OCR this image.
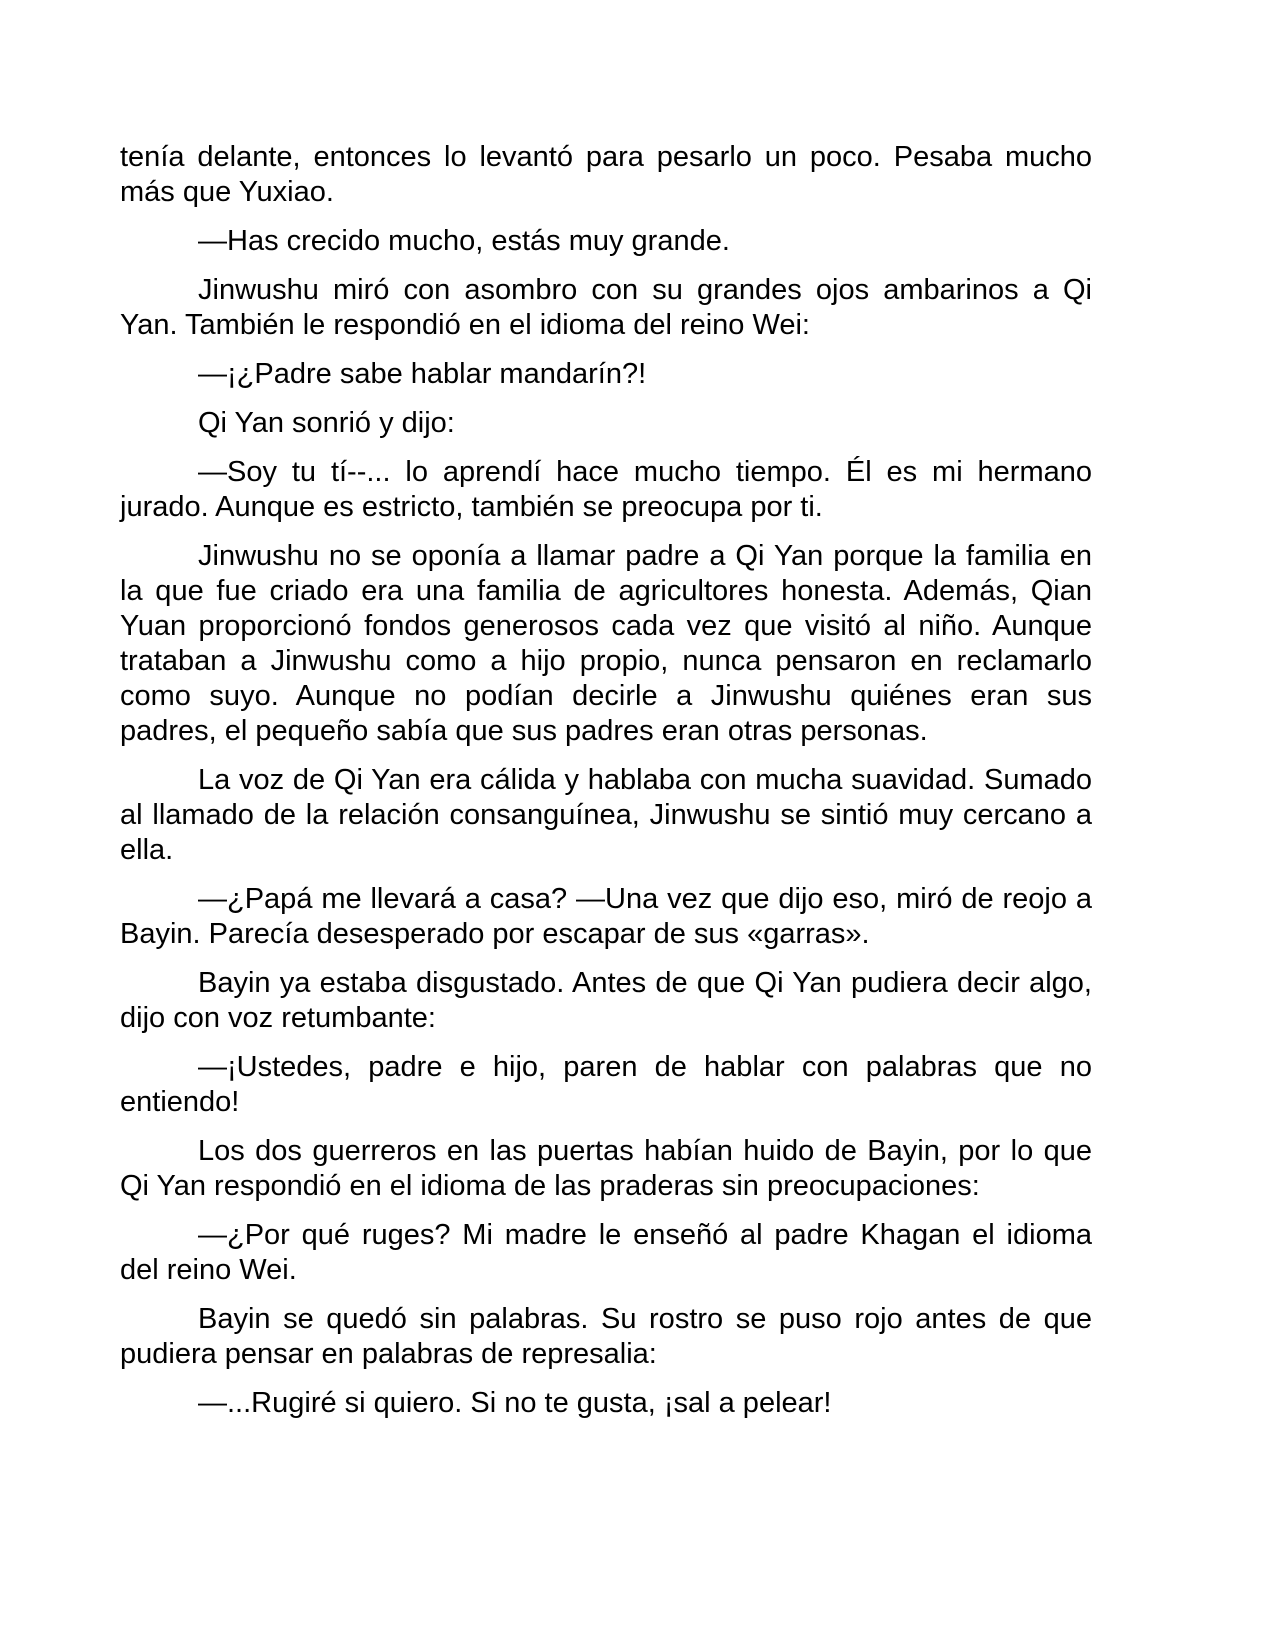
tenía delante, entonces lo levantó para pesarlo un poco. Pesaba mucho más que Yuxiao.

—Has crecido mucho, estás muy grande.

Jinwushu miró con asombro con su grandes ojos ambarinos a Qi Yan. También le respondió en el idioma del reino Wei:

—¡¿Padre sabe hablar mandarín?!

Qi Yan sonrió y dijo:

—Soy tu tí--... lo aprendí hace mucho tiempo. Él es mi hermano jurado. Aunque es estricto, también se preocupa por ti.

Jinwushu no se oponía a llamar padre a Qi Yan porque la familia en la que fue criado era una familia de agricultores honesta. Además, Qian Yuan proporcionó fondos generosos cada vez que visitó al niño. Aunque trataban a Jinwushu como a hijo propio, nunca pensaron en reclamarlo como suyo. Aunque no podían decirle a Jinwushu quiénes eran sus padres, el pequeño sabía que sus padres eran otras personas.

La voz de Qi Yan era cálida y hablaba con mucha suavidad. Sumado al llamado de la relación consanguínea, Jinwushu se sintió muy cercano a ella.

—¿Papá me llevará a casa? —Una vez que dijo eso, miró de reojo a Bayin. Parecía desesperado por escapar de sus «garras».

Bayin ya estaba disgustado. Antes de que Qi Yan pudiera decir algo, dijo con voz retumbante:

—¡Ustedes, padre e hijo, paren de hablar con palabras que no entiendo!

Los dos guerreros en las puertas habían huido de Bayin, por lo que Qi Yan respondió en el idioma de las praderas sin preocupaciones:

—¿Por qué ruges? Mi madre le enseñó al padre Khagan el idioma del reino Wei.

Bayin se quedó sin palabras. Su rostro se puso rojo antes de que pudiera pensar en palabras de represalia:

—...Rugiré si quiero. Si no te gusta, ¡sal a pelear!
